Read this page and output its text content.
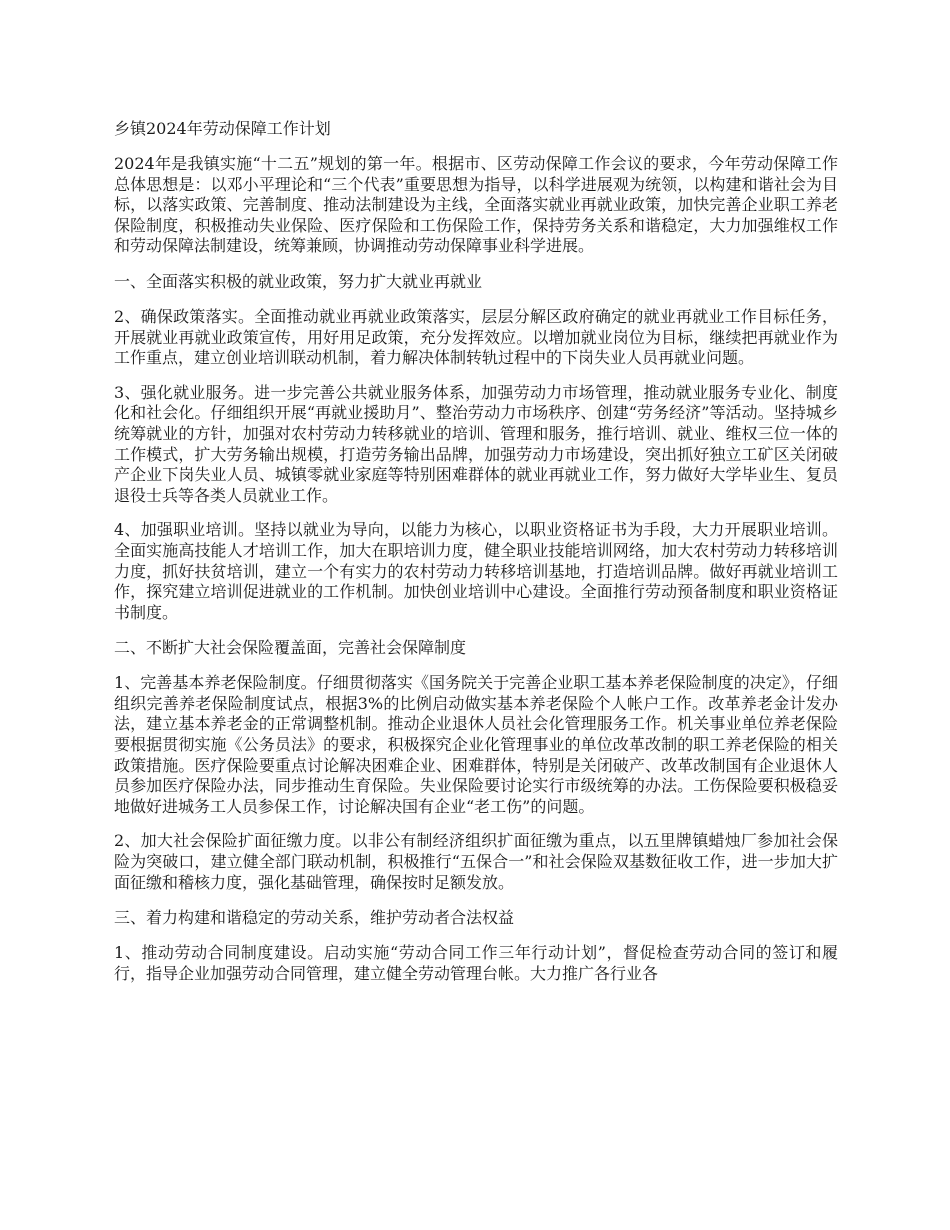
乡镇2024年劳动保障工作计划

2024年是我镇实施“十二五”规划的第一年。根据市、区劳动保障工作会议的要求，今年劳动保障工作总体思想是：以邓小平理论和“三个代表”重要思想为指导，以科学进展观为统领，以构建和谐社会为目标，以落实政策、完善制度、推动法制建设为主线，全面落实就业再就业政策，加快完善企业职工养老保险制度，积极推动失业保险、医疗保险和工伤保险工作，保持劳务关系和谐稳定，大力加强维权工作和劳动保障法制建设，统筹兼顾，协调推动劳动保障事业科学进展。

一、全面落实积极的就业政策，努力扩大就业再就业

2、确保政策落实。全面推动就业再就业政策落实，层层分解区政府确定的就业再就业工作目标任务，开展就业再就业政策宣传，用好用足政策，充分发挥效应。以增加就业岗位为目标，继续把再就业作为工作重点，建立创业培训联动机制，着力解决体制转轨过程中的下岗失业人员再就业问题。

3、强化就业服务。进一步完善公共就业服务体系，加强劳动力市场管理，推动就业服务专业化、制度化和社会化。仔细组织开展“再就业援助月”、整治劳动力市场秩序、创建“劳务经济”等活动。坚持城乡统筹就业的方针，加强对农村劳动力转移就业的培训、管理和服务，推行培训、就业、维权三位一体的工作模式，扩大劳务输出规模，打造劳务输出品牌，加强劳动力市场建设，突出抓好独立工矿区关闭破产企业下岗失业人员、城镇零就业家庭等特别困难群体的就业再就业工作，努力做好大学毕业生、复员退役士兵等各类人员就业工作。

4、加强职业培训。坚持以就业为导向，以能力为核心，以职业资格证书为手段，大力开展职业培训。全面实施高技能人才培训工作，加大在职培训力度，健全职业技能培训网络，加大农村劳动力转移培训力度，抓好扶贫培训，建立一个有实力的农村劳动力转移培训基地，打造培训品牌。做好再就业培训工作，探究建立培训促进就业的工作机制。加快创业培训中心建设。全面推行劳动预备制度和职业资格证书制度。

二、不断扩大社会保险覆盖面，完善社会保障制度

1、完善基本养老保险制度。仔细贯彻落实《国务院关于完善企业职工基本养老保险制度的决定》，仔细组织完善养老保险制度试点，根据3%的比例启动做实基本养老保险个人帐户工作。改革养老金计发办法，建立基本养老金的正常调整机制。推动企业退休人员社会化管理服务工作。机关事业单位养老保险要根据贯彻实施《公务员法》的要求，积极探究企业化管理事业的单位改革改制的职工养老保险的相关政策措施。医疗保险要重点讨论解决困难企业、困难群体，特别是关闭破产、改革改制国有企业退休人员参加医疗保险办法，同步推动生育保险。失业保险要讨论实行市级统筹的办法。工伤保险要积极稳妥地做好进城务工人员参保工作，讨论解决国有企业“老工伤”的问题。

2、加大社会保险扩面征缴力度。以非公有制经济组织扩面征缴为重点，以五里牌镇蜡烛厂参加社会保险为突破口，建立健全部门联动机制，积极推行“五保合一”和社会保险双基数征收工作，进一步加大扩面征缴和稽核力度，强化基础管理，确保按时足额发放。

三、着力构建和谐稳定的劳动关系，维护劳动者合法权益

1、推动劳动合同制度建设。启动实施“劳动合同工作三年行动计划”，督促检查劳动合同的签订和履行，指导企业加强劳动合同管理，建立健全劳动管理台帐。大力推广各行业各
